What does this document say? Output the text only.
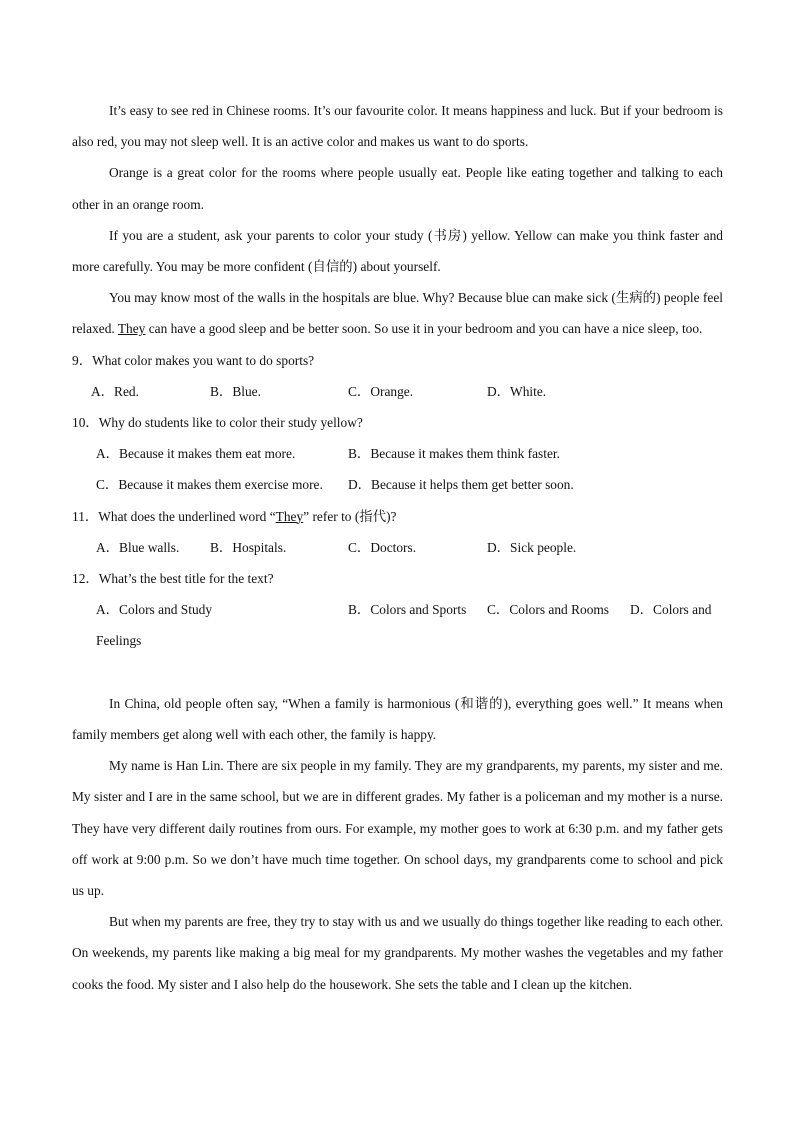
It’s easy to see red in Chinese rooms. It’s our favourite color. It means happiness and luck. But if your bedroom is also red, you may not sleep well. It is an active color and makes us want to do sports.

Orange is a great color for the rooms where people usually eat. People like eating together and talking to each other in an orange room.

If you are a student, ask your parents to color your study (书房) yellow. Yellow can make you think faster and more carefully. You may be more confident (自信的) about yourself.

You may know most of the walls in the hospitals are blue. Why? Because blue can make sick (生病的) people feel relaxed. They can have a good sleep and be better soon. So use it in your bedroom and you can have a nice sleep, too.

9．What color makes you want to do sports?

A．Red.	B．Blue.	C．Orange.	D．White.

10．Why do students like to color their study yellow?

A．Because it makes them eat more.	B．Because it makes them think faster.
C．Because it makes them exercise more. D．Because it helps them get better soon.

11．What does the underlined word “They” refer to (指代)?

A．Blue walls. B．Hospitals.	C．Doctors.	D．Sick people.

12．What’s the best title for the text?

A．Colors and Study	B．Colors and Sports C．Colors and Rooms D．Colors and
Feelings

In China, old people often say, “When a family is harmonious (和谐的), everything goes well.” It means when family members get along well with each other, the family is happy.

My name is Han Lin. There are six people in my family. They are my grandparents, my parents, my sister and me. My sister and I are in the same school, but we are in different grades. My father is a policeman and my mother is a nurse. They have very different daily routines from ours. For example, my mother goes to work at 6:30 p.m. and my father gets off work at 9:00 p.m. So we don’t have much time together. On school days, my grandparents come to school and pick us up.

But when my parents are free, they try to stay with us and we usually do things together like reading to each other. On weekends, my parents like making a big meal for my grandparents. My mother washes the vegetables and my father cooks the food. My sister and I also help do the housework. She sets the table and I clean up the kitchen.
